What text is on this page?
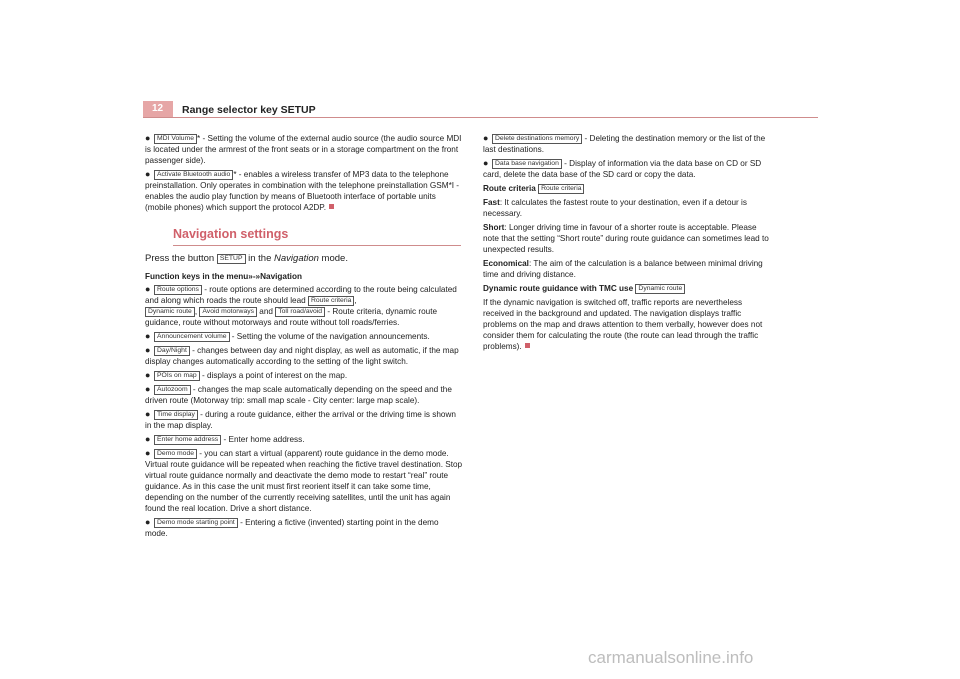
12 Range selector key SETUP

● MDI Volume * - Setting the volume of the external audio source (the audio source MDI is located under the armrest of the front seats or in a storage compartment on the front passenger side).

● Activate Bluetooth audio * - enables a wireless transfer of MP3 data to the telephone preinstallation. Only operates in combination with the telephone preinstallation GSM*I - enables the audio play function by means of Bluetooth interface of portable units (mobile phones) which support the protocol A2DP.

Navigation settings

Press the button SETUP in the Navigation mode.

Function keys in the menu»-»Navigation

● Route options - route options are determined according to the route being calculated and along which roads the route should lead Route criteria ,
Dynamic route , Avoid motorways and Toll road/avoid - Route criteria, dynamic route guidance, route without motorways and route without toll roads/ferries.

● Announcement volume - Setting the volume of the navigation announcements.

● Day/Night - changes between day and night display, as well as automatic, if the map display changes automatically according to the setting of the light switch.

● POIs on map - displays a point of interest on the map.

● Autozoom - changes the map scale automatically depending on the speed and the driven route (Motorway trip: small map scale - City center: large map scale).

● Time display - during a route guidance, either the arrival or the driving time is shown in the map display.

● Enter home address - Enter home address.

● Demo mode - you can start a virtual (apparent) route guidance in the demo mode. Virtual route guidance will be repeated when reaching the fictive travel destination. Stop virtual route guidance normally and deactivate the demo mode to restart “real” route guidance. As in this case the unit must first reorient itself it can take some time, depending on the number of the currently receiving satellites, until the unit has again found the real location. Drive a short distance.

● Demo mode starting point - Entering a fictive (invented) starting point in the demo mode.

● Delete destinations memory - Deleting the destination memory or the list of the last destinations.

● Data base navigation - Display of information via the data base on CD or SD card, delete the data base of the SD card or copy the data.

Route criteria Route criteria

Fast: It calculates the fastest route to your destination, even if a detour is necessary.

Short: Longer driving time in favour of a shorter route is acceptable. Please note that the setting “Short route” during route guidance can sometimes lead to unexpected results.

Economical: The aim of the calculation is a balance between minimal driving time and driving distance.

Dynamic route guidance with TMC use Dynamic route

If the dynamic navigation is switched off, traffic reports are nevertheless received in the background and updated. The navigation displays traffic problems on the map and draws attention to them verbally, however does not consider them for calculating the route (the route can lead through the traffic problems).

carmanualsonline.info
